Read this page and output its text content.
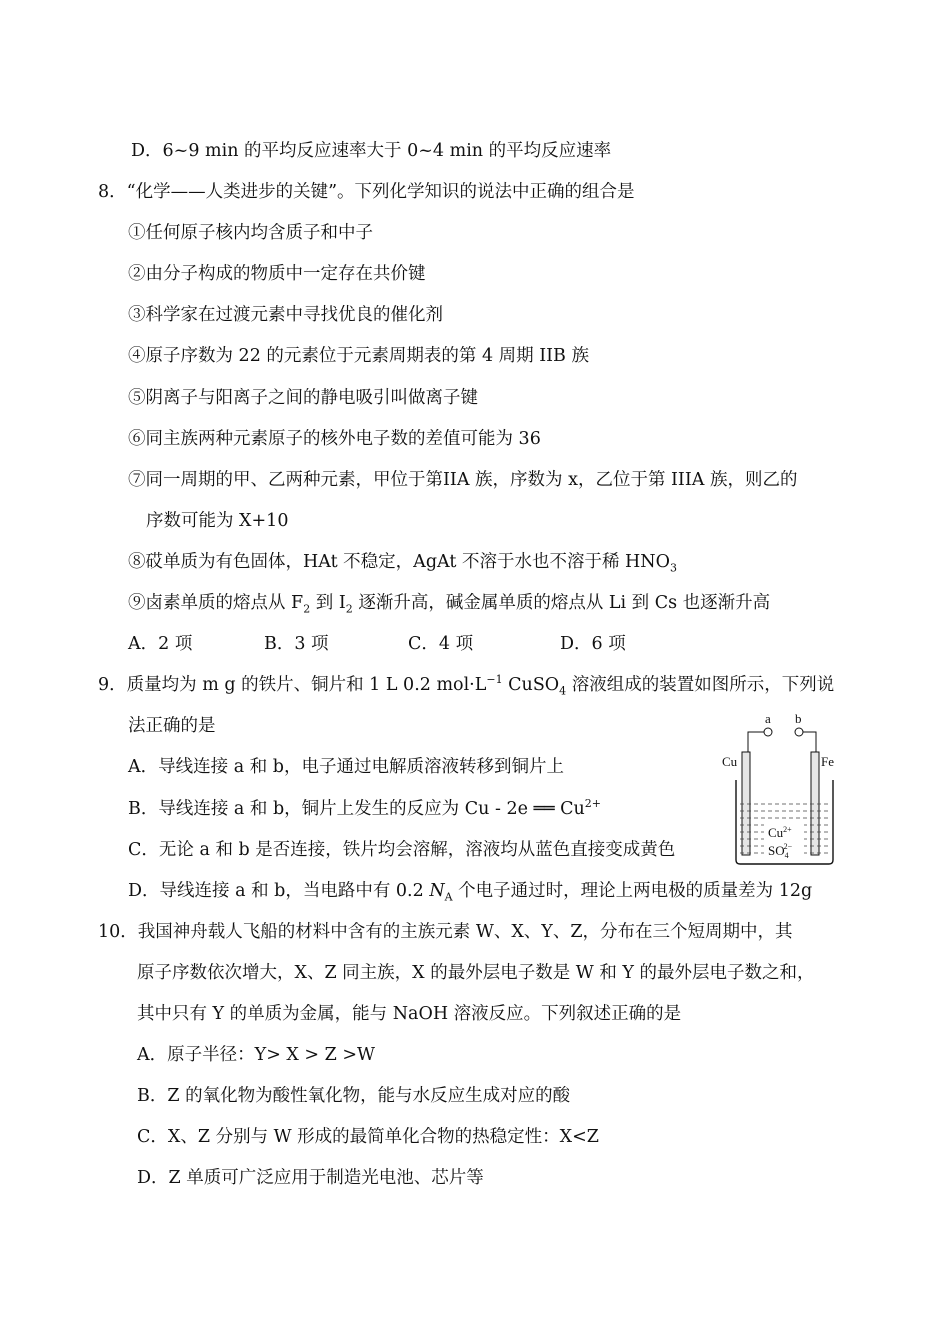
D．6~9 min 的平均反应速率大于 0~4 min 的平均反应速率
8．“化学——人类进步的关键”。下列化学知识的说法中正确的组合是
①任何原子核内均含质子和中子
②由分子构成的物质中一定存在共价键
③科学家在过渡元素中寻找优良的催化剂
④原子序数为 22 的元素位于元素周期表的第 4 周期 IIB 族
⑤阴离子与阳离子之间的静电吸引叫做离子键
⑥同主族两种元素原子的核外电子数的差值可能为 36
⑦同一周期的甲、乙两种元素，甲位于第IIA 族，序数为 x，乙位于第 IIIA 族，则乙的
序数可能为 X+10
⑧砹单质为有色固体，HAt 不稳定，AgAt 不溶于水也不溶于稀 $HNO_3$
⑨卤素单质的熔点从 $F_2$ 到 $I_2$ 逐渐升高，碱金属单质的熔点从 Li 到 Cs 也逐渐升高
A．2 项	B．3 项	C．4 项	D．6 项
9．质量均为 m g 的铁片、铜片和 1 L 0.2 $mol\cdot L^{-1}$ CuSO$_4$ 溶液组成的装置如图所示，下列说
法正确的是
A．导线连接 a 和 b，电子通过电解质溶液转移到铜片上
B．导线连接 a 和 b，铜片上发生的反应为 Cu - 2e ══ $Cu^{2+}$
C．无论 a 和 b 是否连接，铁片均会溶解，溶液均从蓝色直接变成黄色
D．导线连接 a 和 b，当电路中有 0.2 $N_A$ 个电子通过时，理论上两电极的质量差为 12g
a b
Cu	Fe
$Cu^{2+}$
$SO_42-$
10．我国神舟载人飞船的材料中含有的主族元素 W、X、Y、Z，分布在三个短周期中，其
原子序数依次增大，X、Z 同主族，X 的最外层电子数是 W 和 Y 的最外层电子数之和，
其中只有 Y 的单质为金属，能与 NaOH 溶液反应。下列叙述正确的是
A．原子半径：Y> X > Z >W
B．Z 的氧化物为酸性氧化物，能与水反应生成对应的酸
C．X、Z 分别与 W 形成的最简单化合物的热稳定性：X<Z
D．Z 单质可广泛应用于制造光电池、芯片等
